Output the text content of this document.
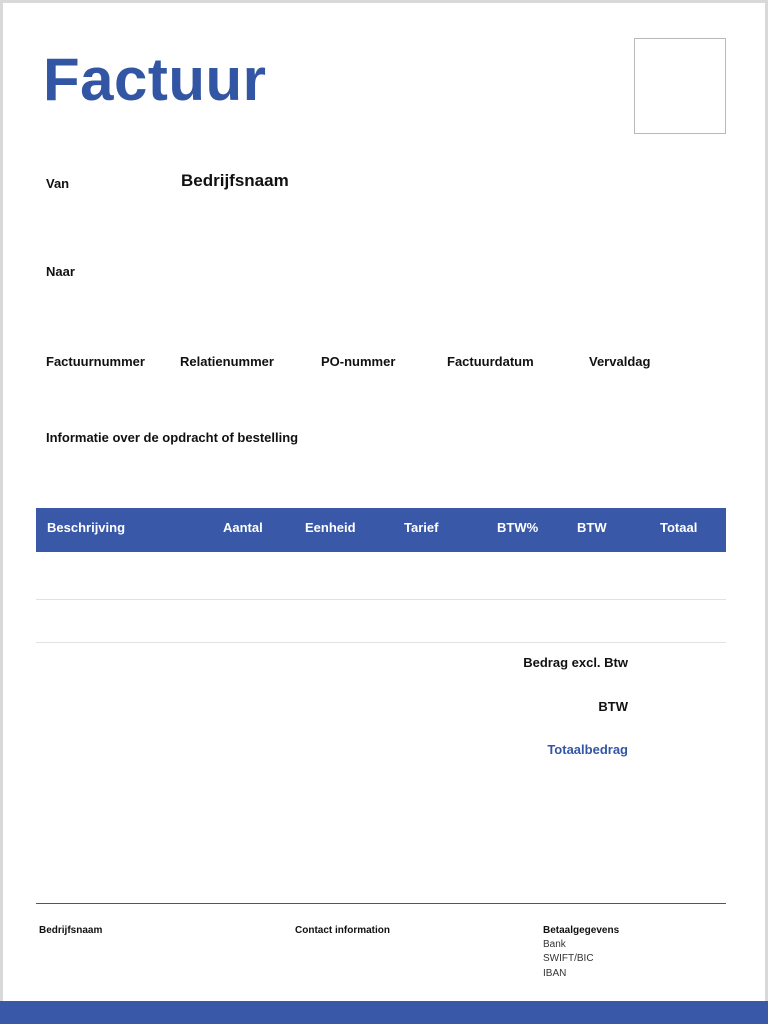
Factuur
Van	Bedrijfsnaam
Naar
Factuurnummer	Relatienummer	PO-nummer	Factuurdatum	Vervaldag
Informatie over de opdracht of bestelling
Beschrijving	Aantal	Eenheid	Tarief	BTW%	BTW	Totaal
Bedrag excl. Btw
BTW
Totaalbedrag
Bedrijfsnaam	Contact information	Betaalgegevens
Bank
SWIFT/BIC
IBAN
